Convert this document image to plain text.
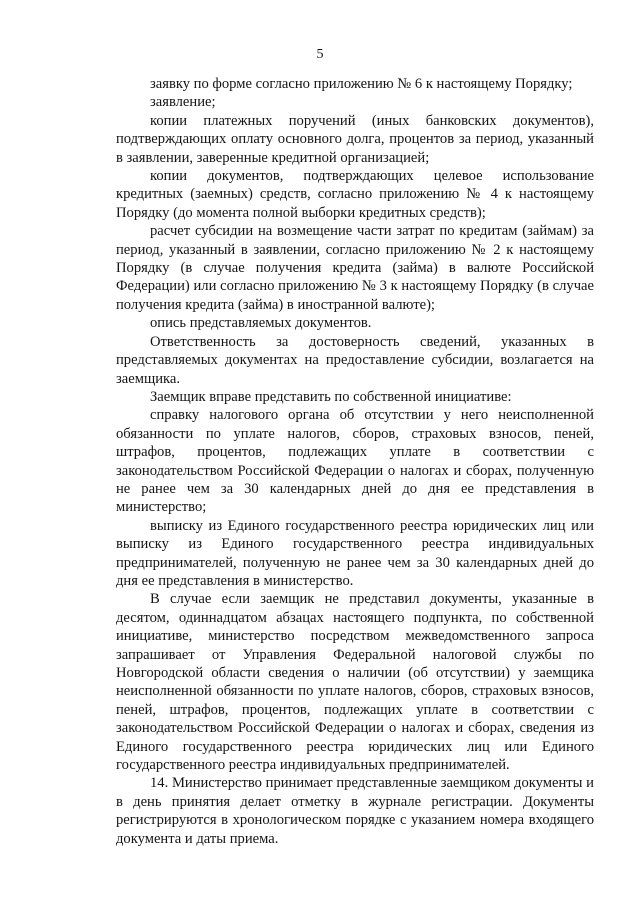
5

заявку по форме согласно приложению № 6 к настоящему Порядку;

заявление;

копии платежных поручений (иных банковских документов), подтверждающих оплату основного долга, процентов за период, указанный в заявлении, заверенные кредитной организацией;

копии документов, подтверждающих целевое использование кредитных (заемных) средств, согласно приложению № 4 к настоящему Порядку (до момента полной выборки кредитных средств);

расчет субсидии на возмещение части затрат по кредитам (займам) за период, указанный в заявлении, согласно приложению № 2 к настоящему Порядку (в случае получения кредита (займа) в валюте Российской Федерации) или согласно приложению № 3 к настоящему Порядку (в случае получения кредита (займа) в иностранной валюте);

опись представляемых документов.

Ответственность за достоверность сведений, указанных в представляемых документах на предоставление субсидии, возлагается на заемщика.

Заемщик вправе представить по собственной инициативе:

справку налогового органа об отсутствии у него неисполненной обязанности по уплате налогов, сборов, страховых взносов, пеней, штрафов, процентов, подлежащих уплате в соответствии с законодательством Российской Федерации о налогах и сборах, полученную не ранее чем за 30 календарных дней до дня ее представления в министерство;

выписку из Единого государственного реестра юридических лиц или выписку из Единого государственного реестра индивидуальных предпринимателей, полученную не ранее чем за 30 календарных дней до дня ее представления в министерство.

В случае если заемщик не представил документы, указанные в десятом, одиннадцатом абзацах настоящего подпункта, по собственной инициативе, министерство посредством межведомственного запроса запрашивает от Управления Федеральной налоговой службы по Новгородской области сведения о наличии (об отсутствии) у заемщика неисполненной обязанности по уплате налогов, сборов, страховых взносов, пеней, штрафов, процентов, подлежащих уплате в соответствии с законодательством Российской Федерации о налогах и сборах, сведения из Единого государственного реестра юридических лиц или Единого государственного реестра индивидуальных предпринимателей.

14. Министерство принимает представленные заемщиком документы и в день принятия делает отметку в журнале регистрации. Документы регистрируются в хронологическом порядке с указанием номера входящего документа и даты приема.
